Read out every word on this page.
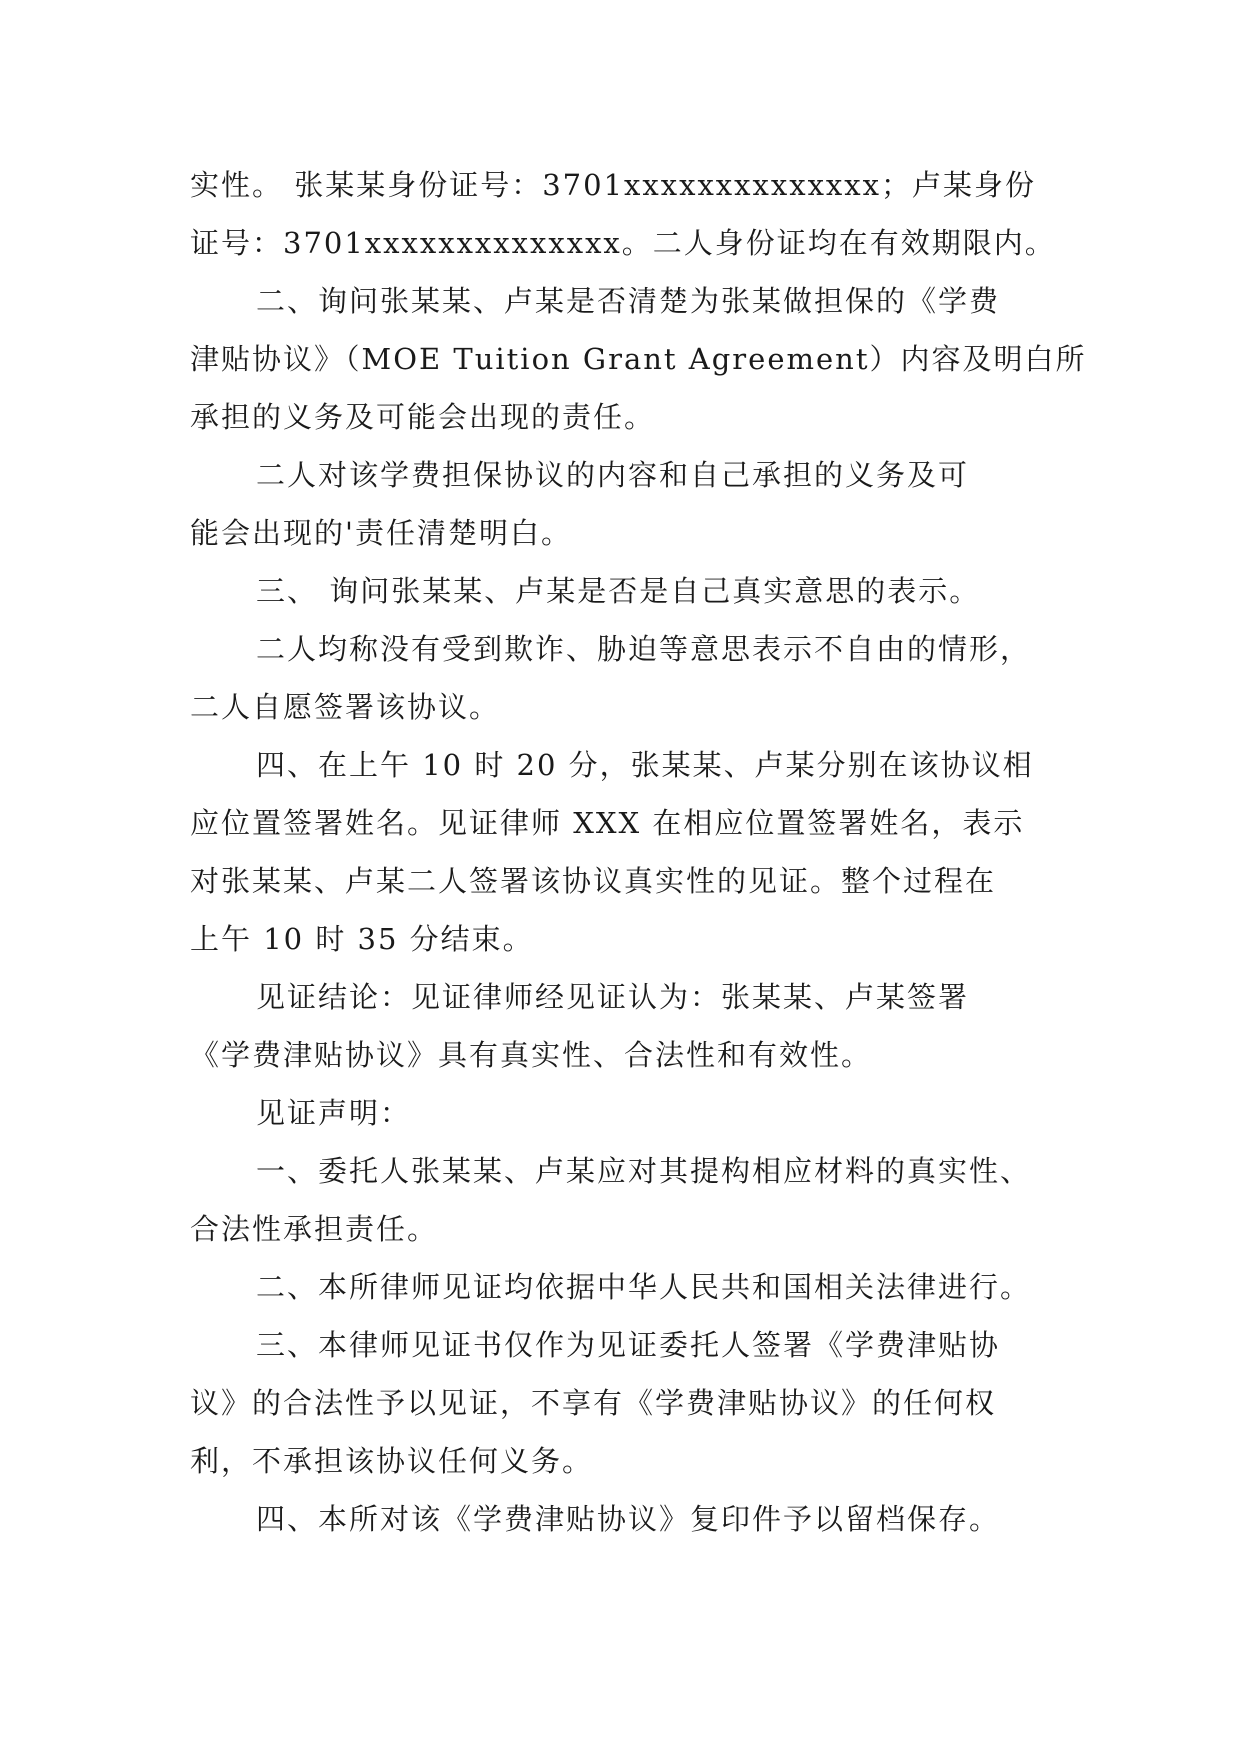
实性。 张某某身份证号：3701xxxxxxxxxxxxxx；卢某身份
证号：3701xxxxxxxxxxxxxx。二人身份证均在有效期限内。
二、询问张某某、卢某是否清楚为张某做担保的《学费
津贴协议》（MOE Tuition Grant Agreement）内容及明白所
承担的义务及可能会出现的责任。
二人对该学费担保协议的内容和自己承担的义务及可
能会出现的'责任清楚明白。
三、 询问张某某、卢某是否是自己真实意思的表示。
二人均称没有受到欺诈、胁迫等意思表示不自由的情形，
二人自愿签署该协议。
四、在上午 10 时 20 分，张某某、卢某分别在该协议相
应位置签署姓名。见证律师 XXX 在相应位置签署姓名，表示
对张某某、卢某二人签署该协议真实性的见证。整个过程在
上午 10 时 35 分结束。
见证结论：见证律师经见证认为：张某某、卢某签署
《学费津贴协议》具有真实性、合法性和有效性。
见证声明：
一、委托人张某某、卢某应对其提构相应材料的真实性、
合法性承担责任。
二、本所律师见证均依据中华人民共和国相关法律进行。
三、本律师见证书仅作为见证委托人签署《学费津贴协
议》的合法性予以见证，不享有《学费津贴协议》的任何权
利，不承担该协议任何义务。
四、本所对该《学费津贴协议》复印件予以留档保存。
